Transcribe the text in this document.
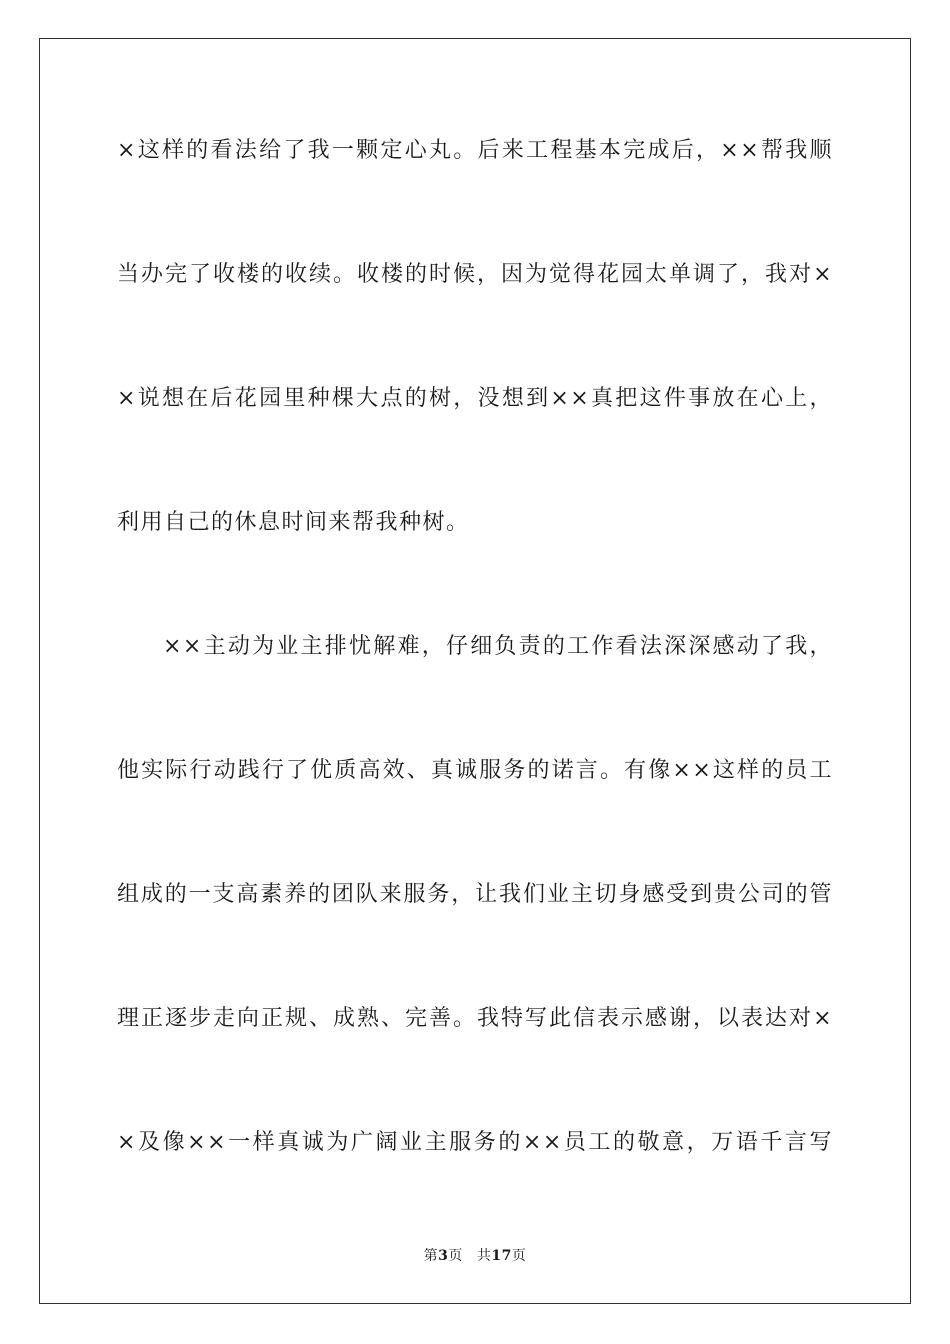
×这样的看法给了我一颗定心丸。后来工程基本完成后，××帮我顺
当办完了收楼的收续。收楼的时候，因为觉得花园太单调了，我对×
×说想在后花园里种棵大点的树，没想到××真把这件事放在心上，
利用自己的休息时间来帮我种树。
××主动为业主排忧解难，仔细负责的工作看法深深感动了我，
他实际行动践行了优质高效、真诚服务的诺言。有像××这样的员工
组成的一支高素养的团队来服务，让我们业主切身感受到贵公司的管
理正逐步走向正规、成熟、完善。我特写此信表示感谢，以表达对×
×及像××一样真诚为广阔业主服务的××员工的敬意，万语千言写
第3页 共17页
